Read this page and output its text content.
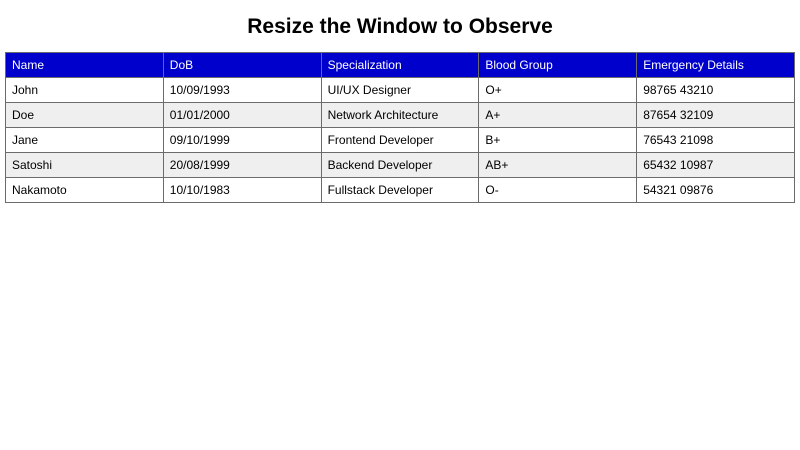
Resize the Window to Observe
Name	DoB	Specialization	Blood Group	Emergency Details
John	10/09/1993	UI/UX Designer	O+	98765 43210
Doe	01/01/2000	Network Architecture	A+	87654 32109
Jane	09/10/1999	Frontend Developer	B+	76543 21098
Satoshi	20/08/1999	Backend Developer	AB+	65432 10987
Nakamoto	10/10/1983	Fullstack Developer	O-	54321 09876
